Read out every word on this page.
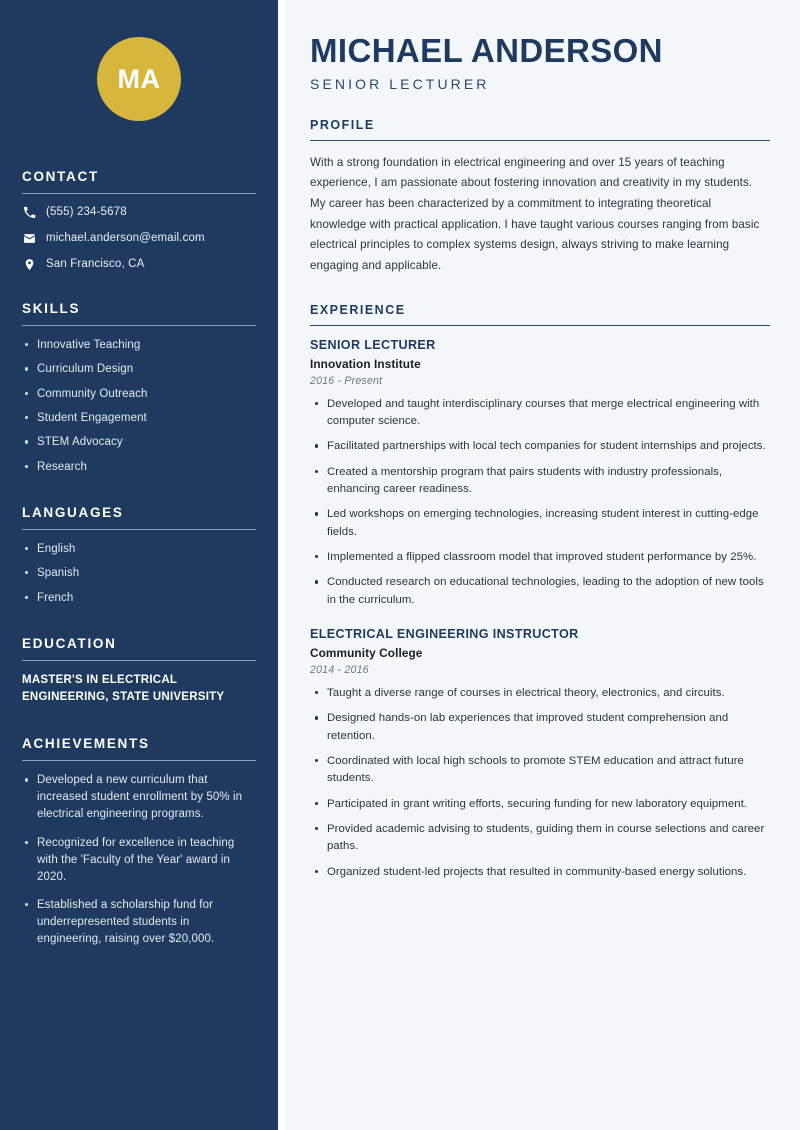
MA
CONTACT
(555) 234-5678
michael.anderson@email.com
San Francisco, CA
SKILLS
Innovative Teaching
Curriculum Design
Community Outreach
Student Engagement
STEM Advocacy
Research
LANGUAGES
English
Spanish
French
EDUCATION
MASTER'S IN ELECTRICAL ENGINEERING, STATE UNIVERSITY
ACHIEVEMENTS
Developed a new curriculum that increased student enrollment by 50% in electrical engineering programs.
Recognized for excellence in teaching with the 'Faculty of the Year' award in 2020.
Established a scholarship fund for underrepresented students in engineering, raising over $20,000.
MICHAEL ANDERSON
SENIOR LECTURER
PROFILE

With a strong foundation in electrical engineering and over 15 years of teaching experience, I am passionate about fostering innovation and creativity in my students. My career has been characterized by a commitment to integrating theoretical knowledge with practical application. I have taught various courses ranging from basic electrical principles to complex systems design, always striving to make learning engaging and applicable.

EXPERIENCE
SENIOR LECTURER
Innovation Institute
2016 - Present
Developed and taught interdisciplinary courses that merge electrical engineering with computer science.
Facilitated partnerships with local tech companies for student internships and projects.
Created a mentorship program that pairs students with industry professionals, enhancing career readiness.
Led workshops on emerging technologies, increasing student interest in cutting-edge fields.
Implemented a flipped classroom model that improved student performance by 25%.
Conducted research on educational technologies, leading to the adoption of new tools in the curriculum.
ELECTRICAL ENGINEERING INSTRUCTOR
Community College
2014 - 2016
Taught a diverse range of courses in electrical theory, electronics, and circuits.
Designed hands-on lab experiences that improved student comprehension and retention.
Coordinated with local high schools to promote STEM education and attract future students.
Participated in grant writing efforts, securing funding for new laboratory equipment.
Provided academic advising to students, guiding them in course selections and career paths.
Organized student-led projects that resulted in community-based energy solutions.
